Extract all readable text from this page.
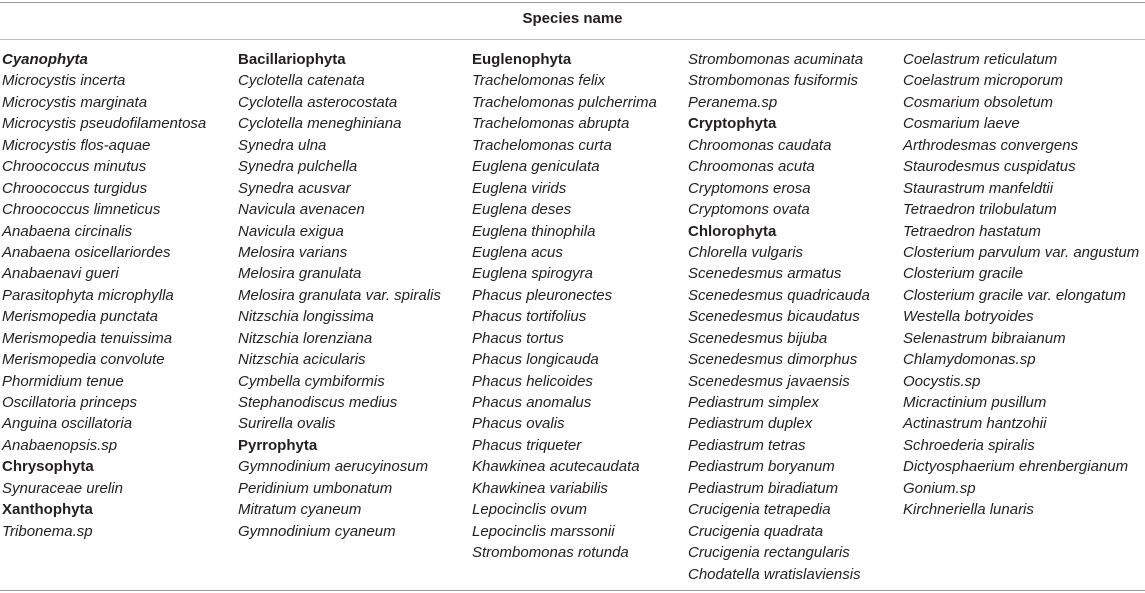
Species name
Cyanophyta
Microcystis incerta
Microcystis marginata
Microcystis pseudofilamentosa
Microcystis flos-aquae
Chroococcus minutus
Chroococcus turgidus
Chroococcus limneticus
Anabaena circinalis
Anabaena osicellariordes
Anabaenavi gueri
Parasitophyta microphylla
Merismopedia punctata
Merismopedia tenuissima
Merismopedia convolute
Phormidium tenue
Oscillatoria princeps
Anguina oscillatoria
Anabaenopsis.sp
Chrysophyta
Synuraceae urelin
Xanthophyta
Tribonema.sp
Bacillariophyta
Cyclotella catenata
Cyclotella asterocostata
Cyclotella meneghiniana
Synedra ulna
Synedra pulchella
Synedra acusvar
Navicula avenacen
Navicula exigua
Melosira varians
Melosira granulata
Melosira granulata var. spiralis
Nitzschia longissima
Nitzschia lorenziana
Nitzschia acicularis
Cymbella cymbiformis
Stephanodiscus medius
Surirella ovalis
Pyrrophyta
Gymnodinium aerucyinosum
Peridinium umbonatum
Mitratum cyaneum
Gymnodinium cyaneum
Euglenophyta
Trachelomonas felix
Trachelomonas pulcherrima
Trachelomonas abrupta
Trachelomonas curta
Euglena geniculata
Euglena virids
Euglena deses
Euglena thinophila
Euglena acus
Euglena spirogyra
Phacus pleuronectes
Phacus tortifolius
Phacus tortus
Phacus longicauda
Phacus helicoides
Phacus anomalus
Phacus ovalis
Phacus triqueter
Khawkinea acutecaudata
Khawkinea variabilis
Lepocinclis ovum
Lepocinclis marssonii
Strombomonas rotunda
Strombomonas acuminata
Strombomonas fusiformis
Peranema.sp
Cryptophyta
Chroomonas caudata
Chroomonas acuta
Cryptomons erosa
Cryptomons ovata
Chlorophyta
Chlorella vulgaris
Scenedesmus armatus
Scenedesmus quadricauda
Scenedesmus bicaudatus
Scenedesmus bijuba
Scenedesmus dimorphus
Scenedesmus javaensis
Pediastrum simplex
Pediastrum duplex
Pediastrum tetras
Pediastrum boryanum
Pediastrum biradiatum
Crucigenia tetrapedia
Crucigenia quadrata
Crucigenia rectangularis
Chodatella wratislaviensis
Coelastrum reticulatum
Coelastrum microporum
Cosmarium obsoletum
Cosmarium laeve
Arthrodesmas convergens
Staurodesmus cuspidatus
Staurastrum manfeldtii
Tetraedron trilobulatum
Tetraedron hastatum
Closterium parvulum var. angustum
Closterium gracile
Closterium gracile var. elongatum
Westella botryoides
Selenastrum bibraianum
Chlamydomonas.sp
Oocystis.sp
Micractinium pusillum
Actinastrum hantzohii
Schroederia spiralis
Dictyosphaerium ehrenbergianum
Gonium.sp
Kirchneriella lunaris
